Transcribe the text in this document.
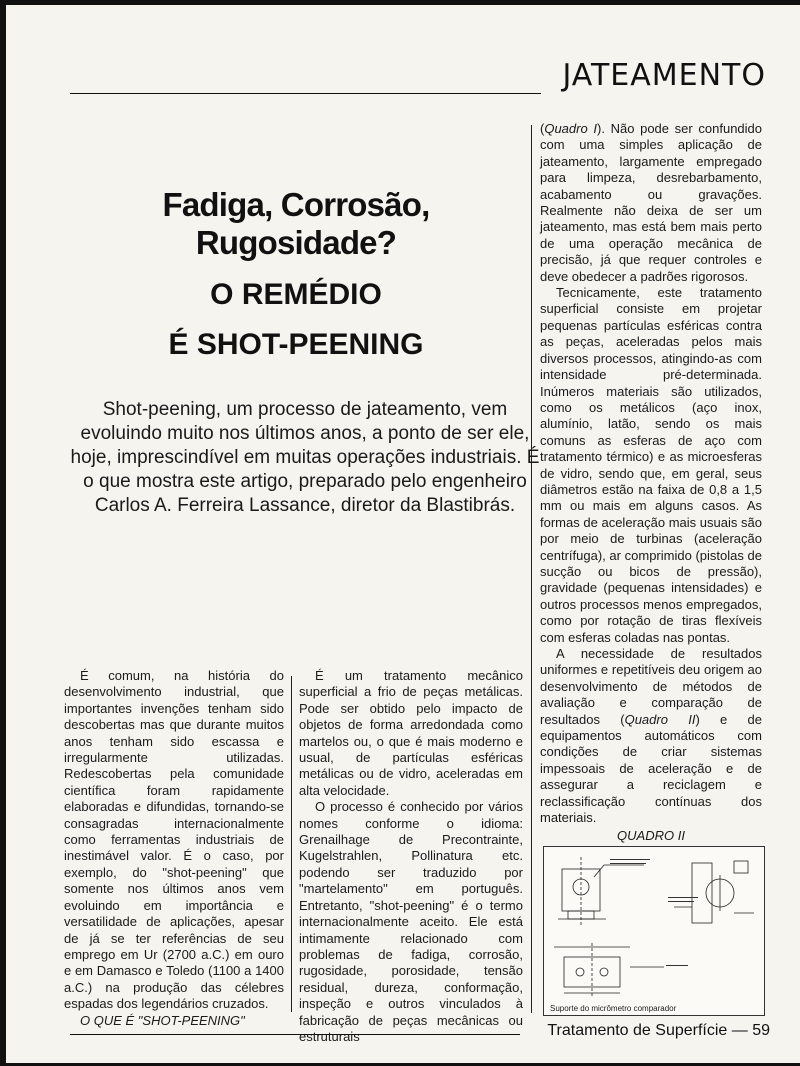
JATEAMENTO
Fadiga, Corrosão, Rugosidade?
O REMÉDIO
É SHOT-PEENING
Shot-peening, um processo de jateamento, vem evoluindo muito nos últimos anos, a ponto de ser ele, hoje, imprescindível em muitas operações industriais. É o que mostra este artigo, preparado pelo engenheiro Carlos A. Ferreira Lassance, diretor da Blastibrás.

É comum, na história do desenvolvimento industrial, que importantes invenções tenham sido descobertas mas que durante muitos anos tenham sido escassa e irregularmente utilizadas. Redescobertas pela comunidade científica foram rapidamente elaboradas e difundidas, tornando-se consagradas internacionalmente como ferramentas industriais de inestimável valor. É o caso, por exemplo, do "shot-peening" que somente nos últimos anos vem evoluindo em importância e versatilidade de aplicações, apesar de já se ter referências de seu emprego em Ur (2700 a.C.) em ouro e em Damasco e Toledo (1100 a 1400 a.C.) na produção das célebres espadas dos legendários cruzados.

O QUE É "SHOT-PEENING"

É um tratamento mecânico superficial a frio de peças metálicas. Pode ser obtido pelo impacto de objetos de forma arredondada como martelos ou, o que é mais moderno e usual, de partículas esféricas metálicas ou de vidro, aceleradas em alta velocidade.

O processo é conhecido por vários nomes conforme o idioma: Grenailhage de Precontrainte, Kugelstrahlen, Pollinatura etc. podendo ser traduzido por "martelamento" em português. Entretanto, "shot-peening" é o termo internacionalmente aceito. Ele está intimamente relacionado com problemas de fadiga, corrosão, rugosidade, porosidade, tensão residual, dureza, conformação, inspeção e outros vinculados à fabricação de peças mecânicas ou estruturais

(Quadro I). Não pode ser confundido com uma simples aplicação de jateamento, largamente empregado para limpeza, desrebarbamento, acabamento ou gravações. Realmente não deixa de ser um jateamento, mas está bem mais perto de uma operação mecânica de precisão, já que requer controles e deve obedecer a padrões rigorosos.

Tecnicamente, este tratamento superficial consiste em projetar pequenas partículas esféricas contra as peças, aceleradas pelos mais diversos processos, atingindo-as com intensidade pré-determinada. Inúmeros materiais são utilizados, como os metálicos (aço inox, alumínio, latão, sendo os mais comuns as esferas de aço com tratamento térmico) e as microesferas de vidro, sendo que, em geral, seus diâmetros estão na faixa de 0,8 a 1,5 mm ou mais em alguns casos. As formas de aceleração mais usuais são por meio de turbinas (aceleração centrífuga), ar comprimido (pistolas de sucção ou bicos de pressão), gravidade (pequenas intensidades) e outros processos menos empregados, como por rotação de tiras flexíveis com esferas coladas nas pontas.

A necessidade de resultados uniformes e repetitíveis deu origem ao desenvolvimento de métodos de avaliação e comparação de resultados (Quadro II) e de equipamentos automáticos com condições de criar sistemas impessoais de aceleração e de assegurar a reciclagem e reclassificação contínuas dos materiais.

QUADRO II
Suporte do micrômetro comparador
Tratamento de Superfície — 59
